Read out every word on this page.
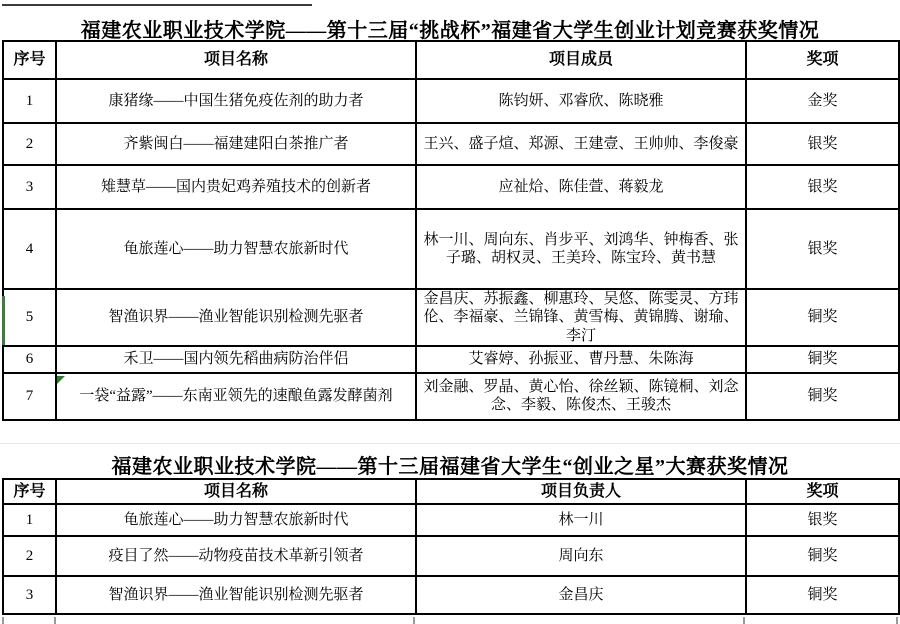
福建农业职业技术学院——第十三届“挑战杯”福建省大学生创业计划竞赛获奖情况
序号	项目名称	项目成员	奖项
1	康猪缘——中国生猪免疫佐剂的助力者	陈钧妍、邓睿欣、陈晓雅	金奖
2	齐紫闽白——福建建阳白茶推广者	王兴、盛子煊、郑源、王建壹、王帅帅、李俊豪	银奖
3	雉慧草——国内贵妃鸡养殖技术的创新者	应祉烚、陈佳萱、蒋毅龙	银奖
4	龟旅莲心——助力智慧农旅新时代	林一川、周向东、肖步平、刘鸿华、钟梅香、张子璐、胡权灵、王美玲、陈宝玲、黄书慧	银奖
5	智渔识界——渔业智能识别检测先驱者	金昌庆、苏振鑫、柳惠玲、吴悠、陈雯灵、方玮伦、李福豪、兰锦锋、黄雪梅、黄锦腾、谢瑜、李汀	铜奖
6	禾卫——国内领先稻曲病防治伴侣	艾睿婷、孙振亚、曹丹慧、朱陈海	铜奖
7	一袋“益露”——东南亚领先的速酿鱼露发酵菌剂	刘金融、罗晶、黄心怡、徐丝颖、陈镜桐、刘念念、李毅、陈俊杰、王骏杰	铜奖
福建农业职业技术学院——第十三届福建省大学生“创业之星”大赛获奖情况
序号	项目名称	项目负责人	奖项
1	龟旅莲心——助力智慧农旅新时代	林一川	银奖
2	疫目了然——动物疫苗技术革新引领者	周向东	铜奖
3	智渔识界——渔业智能识别检测先驱者	金昌庆	铜奖
